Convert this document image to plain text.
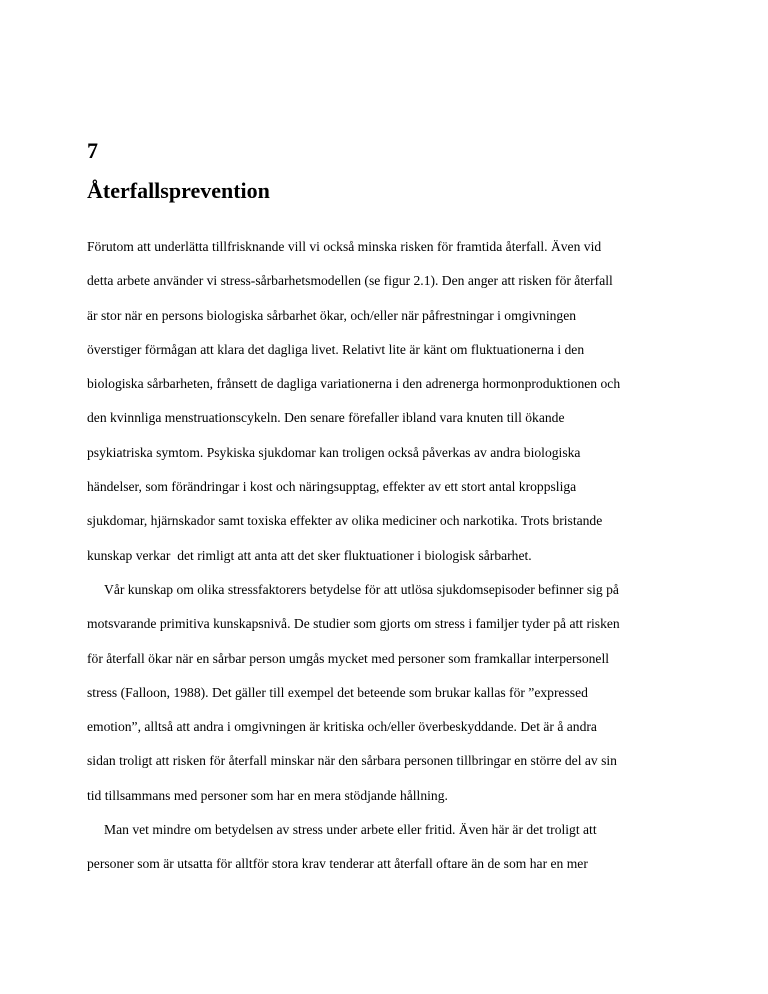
7
Återfallsprevention

Förutom att underlätta tillfrisknande vill vi också minska risken för framtida återfall. Även vid
detta arbete använder vi stress-sårbarhetsmodellen (se figur 2.1). Den anger att risken för återfall
är stor när en persons biologiska sårbarhet ökar, och/eller när påfrestningar i omgivningen
överstiger förmågan att klara det dagliga livet. Relativt lite är känt om fluktuationerna i den
biologiska sårbarheten, frånsett de dagliga variationerna i den adrenerga hormonproduktionen och
den kvinnliga menstruationscykeln. Den senare förefaller ibland vara knuten till ökande
psykiatriska symtom. Psykiska sjukdomar kan troligen också påverkas av andra biologiska
händelser, som förändringar i kost och näringsupptag, effekter av ett stort antal kroppsliga
sjukdomar, hjärnskador samt toxiska effekter av olika mediciner och narkotika. Trots bristande
kunskap verkar  det rimligt att anta att det sker fluktuationer i biologisk sårbarhet.

Vår kunskap om olika stressfaktorers betydelse för att utlösa sjukdomsepisoder befinner sig på
motsvarande primitiva kunskapsnivå. De studier som gjorts om stress i familjer tyder på att risken
för återfall ökar när en sårbar person umgås mycket med personer som framkallar interpersonell
stress (Falloon, 1988). Det gäller till exempel det beteende som brukar kallas för ”expressed
emotion”, alltså att andra i omgivningen är kritiska och/eller överbeskyddande. Det är å andra
sidan troligt att risken för återfall minskar när den sårbara personen tillbringar en större del av sin
tid tillsammans med personer som har en mera stödjande hållning.

Man vet mindre om betydelsen av stress under arbete eller fritid. Även här är det troligt att
personer som är utsatta för alltför stora krav tenderar att återfall oftare än de som har en mer
